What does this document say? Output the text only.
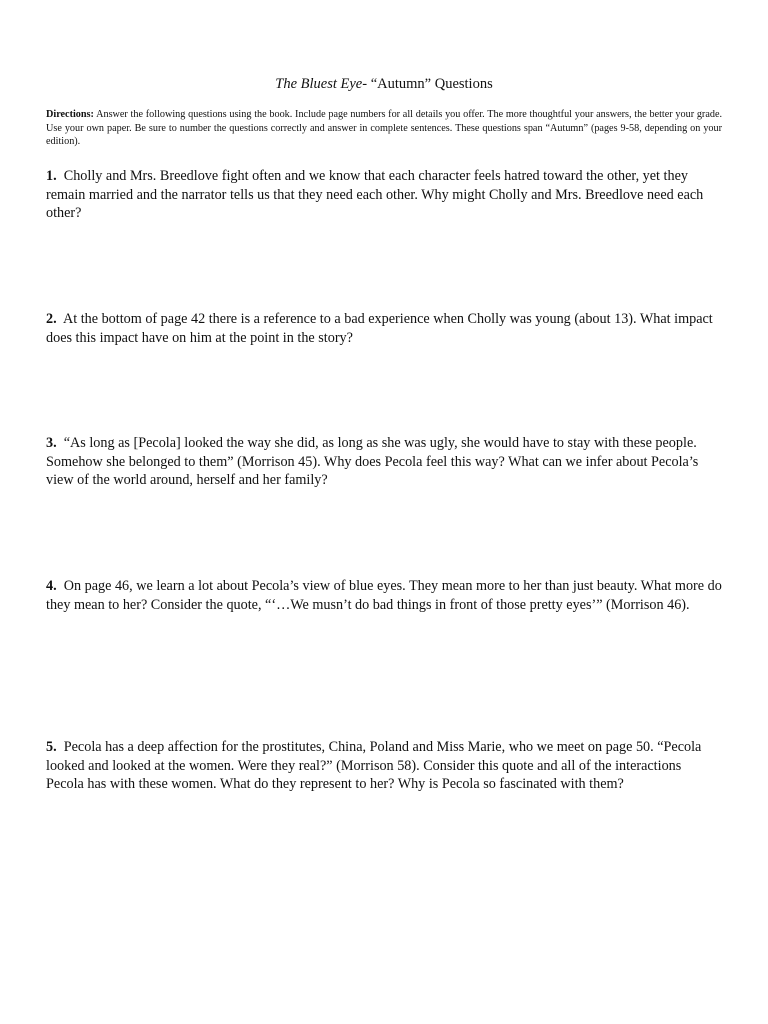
The Bluest Eye- “Autumn” Questions
Directions: Answer the following questions using the book. Include page numbers for all details you offer. The more thoughtful your answers, the better your grade. Use your own paper. Be sure to number the questions correctly and answer in complete sentences. These questions span “Autumn” (pages 9-58, depending on your edition).
1. Cholly and Mrs. Breedlove fight often and we know that each character feels hatred toward the other, yet they remain married and the narrator tells us that they need each other. Why might Cholly and Mrs. Breedlove need each other?
2. At the bottom of page 42 there is a reference to a bad experience when Cholly was young (about 13). What impact does this impact have on him at the point in the story?
3. “As long as [Pecola] looked the way she did, as long as she was ugly, she would have to stay with these people. Somehow she belonged to them” (Morrison 45). Why does Pecola feel this way? What can we infer about Pecola’s view of the world around, herself and her family?
4. On page 46, we learn a lot about Pecola’s view of blue eyes. They mean more to her than just beauty. What more do they mean to her? Consider the quote, “‘…We musn’t do bad things in front of those pretty eyes’” (Morrison 46).
5. Pecola has a deep affection for the prostitutes, China, Poland and Miss Marie, who we meet on page 50. “Pecola looked and looked at the women. Were they real?” (Morrison 58). Consider this quote and all of the interactions Pecola has with these women. What do they represent to her? Why is Pecola so fascinated with them?
